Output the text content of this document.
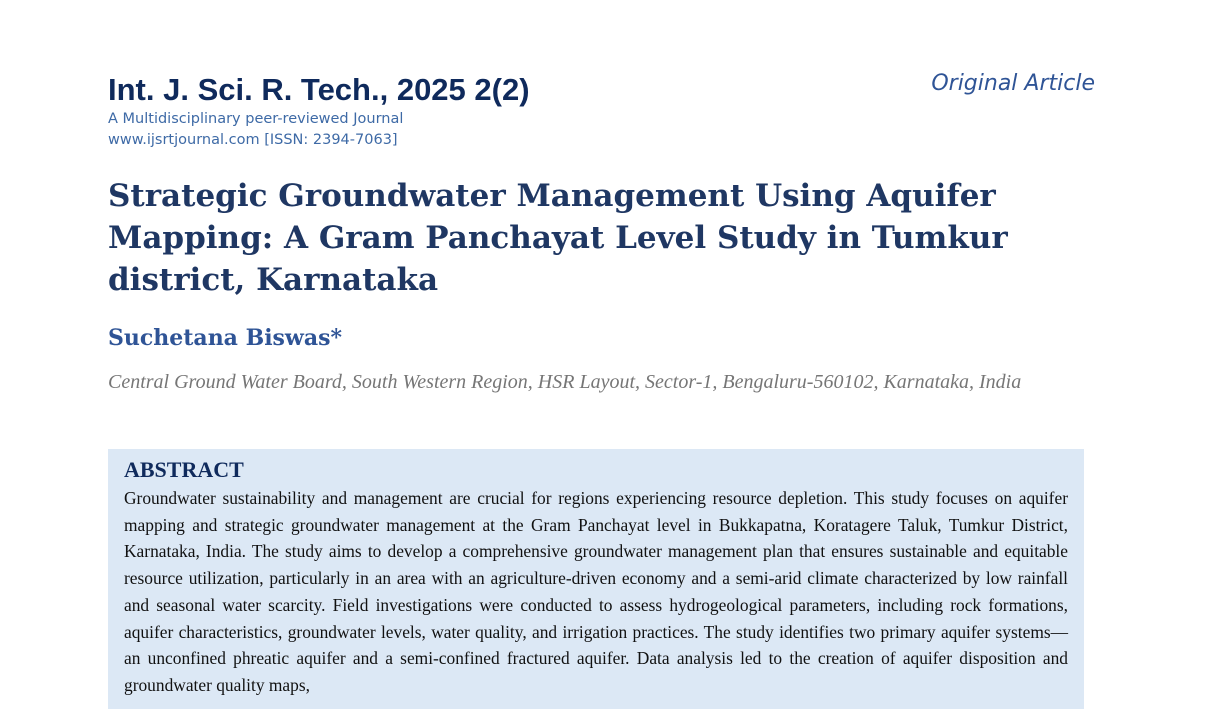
Int. J. Sci. R. Tech., 2025 2(2)	Original Article
A Multidisciplinary peer-reviewed Journal
www.ijsrtjournal.com [ISSN: 2394-7063]
Strategic Groundwater Management Using Aquifer Mapping: A Gram Panchayat Level Study in Tumkur district, Karnataka
Suchetana Biswas*

Central Ground Water Board, South Western Region, HSR Layout, Sector-1, Bengaluru-560102, Karnataka, India

ABSTRACT

Groundwater sustainability and management are crucial for regions experiencing resource depletion. This study focuses on aquifer mapping and strategic groundwater management at the Gram Panchayat level in Bukkapatna, Koratagere Taluk, Tumkur District, Karnataka, India. The study aims to develop a comprehensive groundwater management plan that ensures sustainable and equitable resource utilization, particularly in an area with an agriculture-driven economy and a semi-arid climate characterized by low rainfall and seasonal water scarcity. Field investigations were conducted to assess hydrogeological parameters, including rock formations, aquifer characteristics, groundwater levels, water quality, and irrigation practices. The study identifies two primary aquifer systems—an unconfined phreatic aquifer and a semi-confined fractured aquifer. Data analysis led to the creation of aquifer disposition and groundwater quality maps,
